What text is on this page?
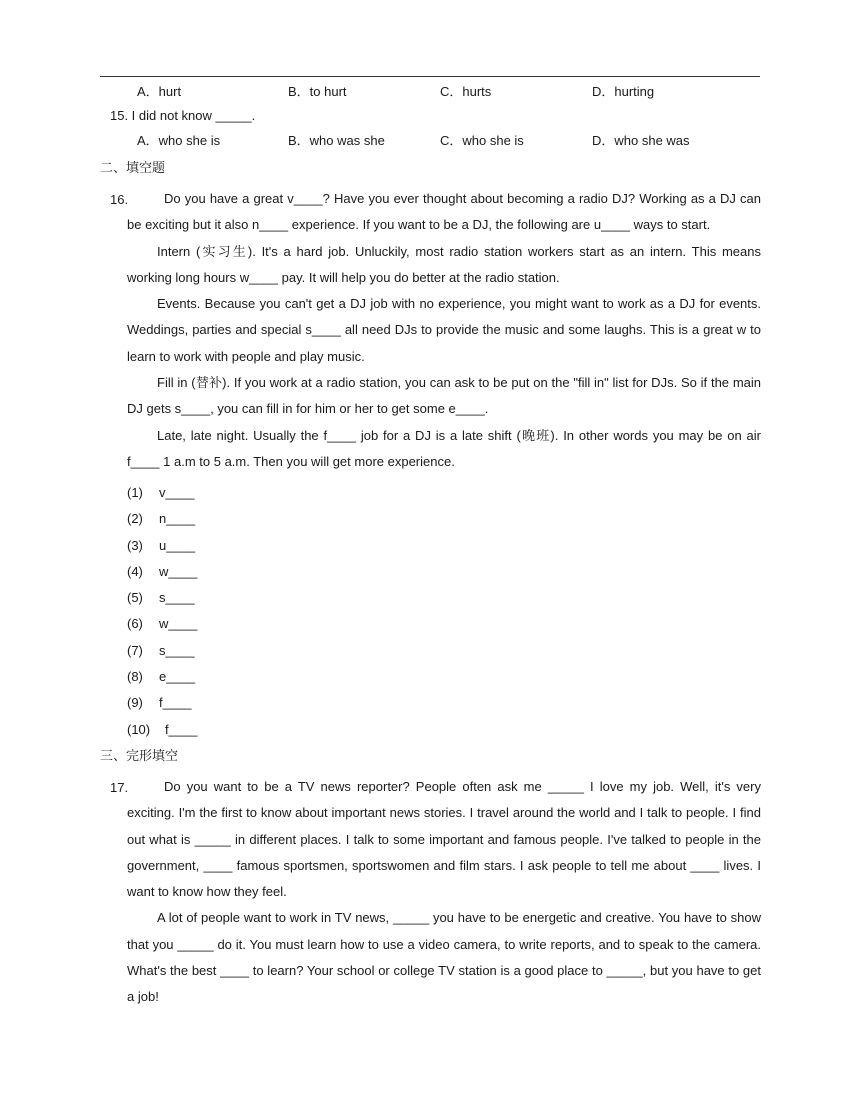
A．hurt	B．to hurt	C．hurts	D．hurting
15. I did not know _____.
A．who she is	B．who was she	C．who she is	D．who she was
二、填空题
16.	Do you have a great v____? Have you ever thought about becoming a radio DJ? Working as a DJ can be exciting but it also n____ experience. If you want to be a DJ, the following are u____ ways to start.

Intern (实习生). It's a hard job. Unluckily, most radio station workers start as an intern. This means working long hours w____ pay. It will help you do better at the radio station.

Events. Because you can't get a DJ job with no experience, you might want to work as a DJ for events. Weddings, parties and special s____ all need DJs to provide the music and some laughs. This is a great w to learn to work with people and play music.

Fill in (替补). If you work at a radio station, you can ask to be put on the "fill in" list for DJs. So if the main DJ gets s____, you can fill in for him or her to get some e____.

Late, late night. Usually the f____ job for a DJ is a late shift (晚班). In other words you may be on air f____ 1 a.m to 5 a.m. Then you will get more experience.

(1) v____
(2) n____
(3) u____
(4) w____
(5) s____
(6) w____
(7) s____
(8) e____
(9) f____
(10) f____
三、完形填空
17.	Do you want to be a TV news reporter? People often ask me _____ I love my job. Well, it's very exciting. I'm the first to know about important news stories. I travel around the world and I talk to people. I find out what is _____ in different places. I talk to some important and famous people. I've talked to people in the government, ____ famous sportsmen, sportswomen and film stars. I ask people to tell me about ____ lives. I want to know how they feel.

A lot of people want to work in TV news, _____ you have to be energetic and creative. You have to show that you _____ do it. You must learn how to use a video camera, to write reports, and to speak to the camera. What's the best ____ to learn? Your school or college TV station is a good place to _____, but you have to get a job!
